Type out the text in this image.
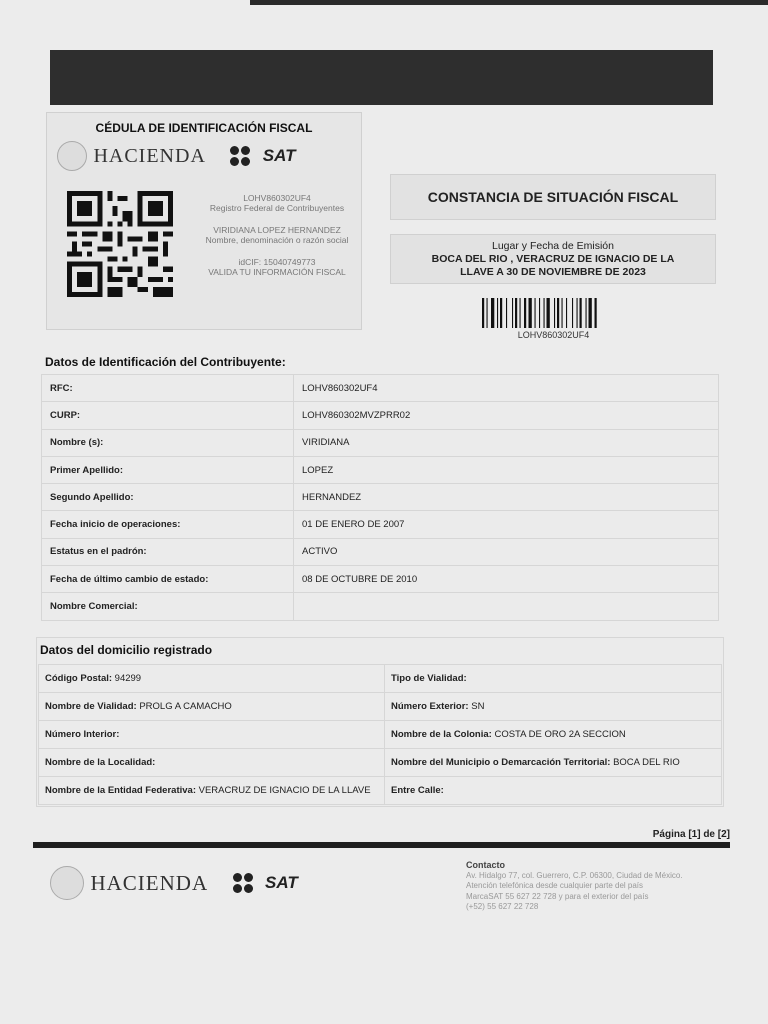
CÉDULA DE IDENTIFICACIÓN FISCAL
HACIENDA	SAT
LOHV860302UF4
Registro Federal de Contribuyentes
VIRIDIANA LOPEZ HERNANDEZ
Nombre, denominación o razón social
idCIF: 15040749773
VALIDA TU INFORMACIÓN FISCAL
CONSTANCIA DE SITUACIÓN FISCAL
Lugar y Fecha de Emisión
BOCA DEL RIO , VERACRUZ DE IGNACIO DE LA
LLAVE A 30 DE NOVIEMBRE DE 2023
LOHV860302UF4
Datos de Identificación del Contribuyente:
RFC:	LOHV860302UF4
CURP:	LOHV860302MVZPRR02
Nombre (s):	VIRIDIANA
Primer Apellido:	LOPEZ
Segundo Apellido:	HERNANDEZ
Fecha inicio de operaciones:	01 DE ENERO DE 2007
Estatus en el padrón:	ACTIVO
Fecha de último cambio de estado:	08 DE OCTUBRE DE 2010
Nombre Comercial:	
Datos del domicilio registrado
Código Postal: 94299	Tipo de Vialidad:
Nombre de Vialidad: PROLG A CAMACHO	Número Exterior: SN
Número Interior:	Nombre de la Colonia: COSTA DE ORO 2A SECCION
Nombre de la Localidad:	Nombre del Municipio o Demarcación Territorial: BOCA DEL RIO
Nombre de la Entidad Federativa: VERACRUZ DE IGNACIO DE LA LLAVE	Entre Calle:
Página [1] de [2]
HACIENDA	SAT
Contacto
Av. Hidalgo 77, col. Guerrero, C.P. 06300, Ciudad de México.
Atención telefónica desde cualquier parte del país
MarcaSAT 55 627 22 728 y para el exterior del país
(+52) 55 627 22 728
